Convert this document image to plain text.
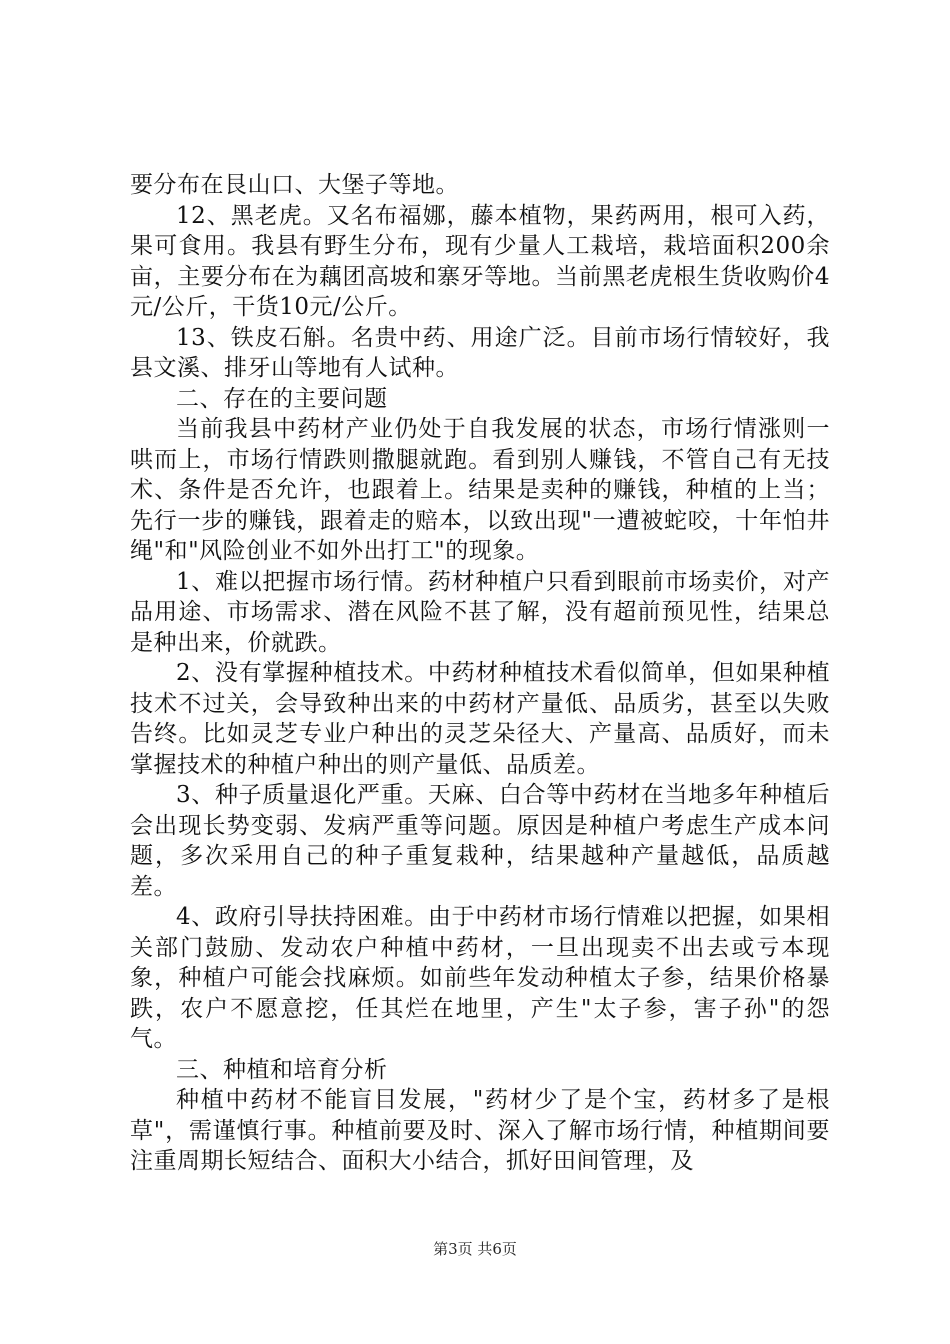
要分布在艮山口、大堡子等地。

12、黑老虎。又名布福娜，藤本植物，果药两用，根可入药，果可食用。我县有野生分布，现有少量人工栽培，栽培面积200余亩，主要分布在为藕团高坡和寨牙等地。当前黑老虎根生货收购价4元/公斤，干货10元/公斤。

13、铁皮石斛。名贵中药、用途广泛。目前市场行情较好，我县文溪、排牙山等地有人试种。

二、存在的主要问题

当前我县中药材产业仍处于自我发展的状态，市场行情涨则一哄而上，市场行情跌则撒腿就跑。看到别人赚钱，不管自己有无技术、条件是否允许，也跟着上。结果是卖种的赚钱，种植的上当；先行一步的赚钱，跟着走的赔本，以致出现"一遭被蛇咬，十年怕井绳"和"风险创业不如外出打工"的现象。

1、难以把握市场行情。药材种植户只看到眼前市场卖价，对产品用途、市场需求、潜在风险不甚了解，没有超前预见性，结果总是种出来，价就跌。

2、没有掌握种植技术。中药材种植技术看似简单，但如果种植技术不过关，会导致种出来的中药材产量低、品质劣，甚至以失败告终。比如灵芝专业户种出的灵芝朵径大、产量高、品质好，而未掌握技术的种植户种出的则产量低、品质差。

3、种子质量退化严重。天麻、白合等中药材在当地多年种植后会出现长势变弱、发病严重等问题。原因是种植户考虑生产成本问题，多次采用自己的种子重复栽种，结果越种产量越低，品质越差。

4、政府引导扶持困难。由于中药材市场行情难以把握，如果相关部门鼓励、发动农户种植中药材，一旦出现卖不出去或亏本现象，种植户可能会找麻烦。如前些年发动种植太子参，结果价格暴跌，农户不愿意挖，任其烂在地里，产生"太子参，害子孙"的怨气。

三、种植和培育分析

种植中药材不能盲目发展，"药材少了是个宝，药材多了是根草"，需谨慎行事。种植前要及时、深入了解市场行情，种植期间要注重周期长短结合、面积大小结合，抓好田间管理，及

第3页 共6页
